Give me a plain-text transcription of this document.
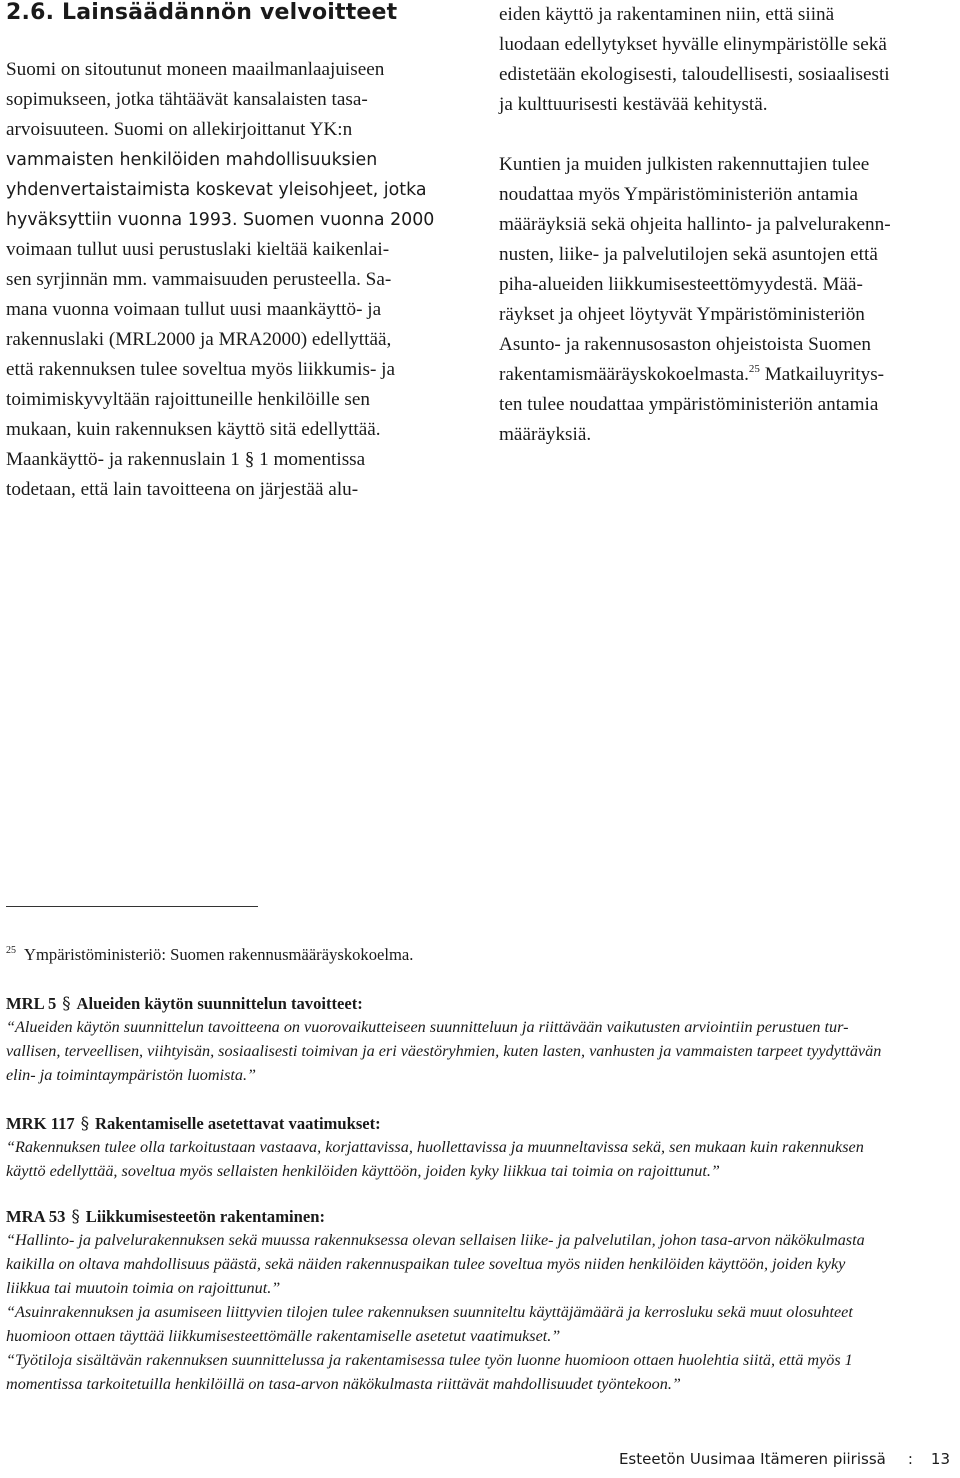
2.6. Lainsäädännön velvoitteet

Suomi on sitoutunut moneen maailmanlaajuiseen

sopimukseen, jotka tähtäävät kansalaisten tasa-

arvoisuuteen. Suomi on allekirjoittanut YK:n

vammaisten henkilöiden mahdollisuuksien

yhdenvertaistaimista koskevat yleisohjeet, jotka

hyväksyttiin vuonna 1993. Suomen vuonna 2000

voimaan tullut uusi perustuslaki kieltää kaikenlai-

sen syrjinnän mm. vammaisuuden perusteella. Sa-

mana vuonna voimaan tullut uusi maankäyttö- ja

rakennuslaki (MRL2000 ja MRA2000) edellyttää,

että rakennuksen tulee soveltua myös liikkumis- ja

toimimiskyvyltään rajoittuneille henkilöille sen

mukaan, kuin rakennuksen käyttö sitä edellyttää.

Maankäyttö- ja rakennuslain 1 § 1 momentissa

todetaan, että lain tavoitteena on järjestää alu-

eiden käyttö ja rakentaminen niin, että siinä

luodaan edellytykset hyvälle elinympäristölle sekä

edistetään ekologisesti, taloudellisesti, sosiaalisesti

ja kulttuurisesti kestävää kehitystä.

Kuntien ja muiden julkisten rakennuttajien tulee

noudattaa myös Ympäristöministeriön antamia

määräyksiä sekä ohjeita hallinto- ja palvelurakenn-

nusten, liike- ja palvelutilojen sekä asuntojen että

piha-alueiden liikkumisesteettömyydestä. Mää-

räykset ja ohjeet löytyvät Ympäristöministeriön

Asunto- ja rakennusosaston ohjeistoista Suomen

rakentamismääräyskokoelmasta.$^{25}$ Matkailuyritys-

ten tulee noudattaa ympäristöministeriön antamia

määräyksiä.

$^{25}$ Ympäristöministeriö: Suomen rakennusmääräyskokoelma.

MRL 5 § Alueiden käytön suunnittelun tavoitteet:

“Alueiden käytön suunnittelun tavoitteena on vuorovaikutteiseen suunnitteluun ja riittävään vaikutusten arviointiin perustuen tur-

vallisen, terveellisen, viihtyisän, sosiaalisesti toimivan ja eri väestöryhmien, kuten lasten, vanhusten ja vammaisten tarpeet tyydyttävän

elin- ja toimintaympäristön luomista.”

MRK 117 § Rakentamiselle asetettavat vaatimukset:

“Rakennuksen tulee olla tarkoitustaan vastaava, korjattavissa, huollettavissa ja muunneltavissa sekä, sen mukaan kuin rakennuksen

käyttö edellyttää, soveltua myös sellaisten henkilöiden käyttöön, joiden kyky liikkua tai toimia on rajoittunut.”

MRA 53 § Liikkumisesteetön rakentaminen:

“Hallinto- ja palvelurakennuksen sekä muussa rakennuksessa olevan sellaisen liike- ja palvelutilan, johon tasa-arvon näkökulmasta

kaikilla on oltava mahdollisuus päästä, sekä näiden rakennuspaikan tulee soveltua myös niiden henkilöiden käyttöön, joiden kyky

liikkua tai muutoin toimia on rajoittunut.”

“Asuinrakennuksen ja asumiseen liittyvien tilojen tulee rakennuksen suunniteltu käyttäjämäärä ja kerrosluku sekä muut olosuhteet

huomioon ottaen täyttää liikkumisesteettömälle rakentamiselle asetetut vaatimukset.”

“Työtiloja sisältävän rakennuksen suunnittelussa ja rakentamisessa tulee työn luonne huomioon ottaen huolehtia siitä, että myös 1

momentissa tarkoitetuilla henkilöillä on tasa-arvon näkökulmasta riittävät mahdollisuudet työntekoon.”

Esteetön Uusimaa Itämeren piirissä : 13
